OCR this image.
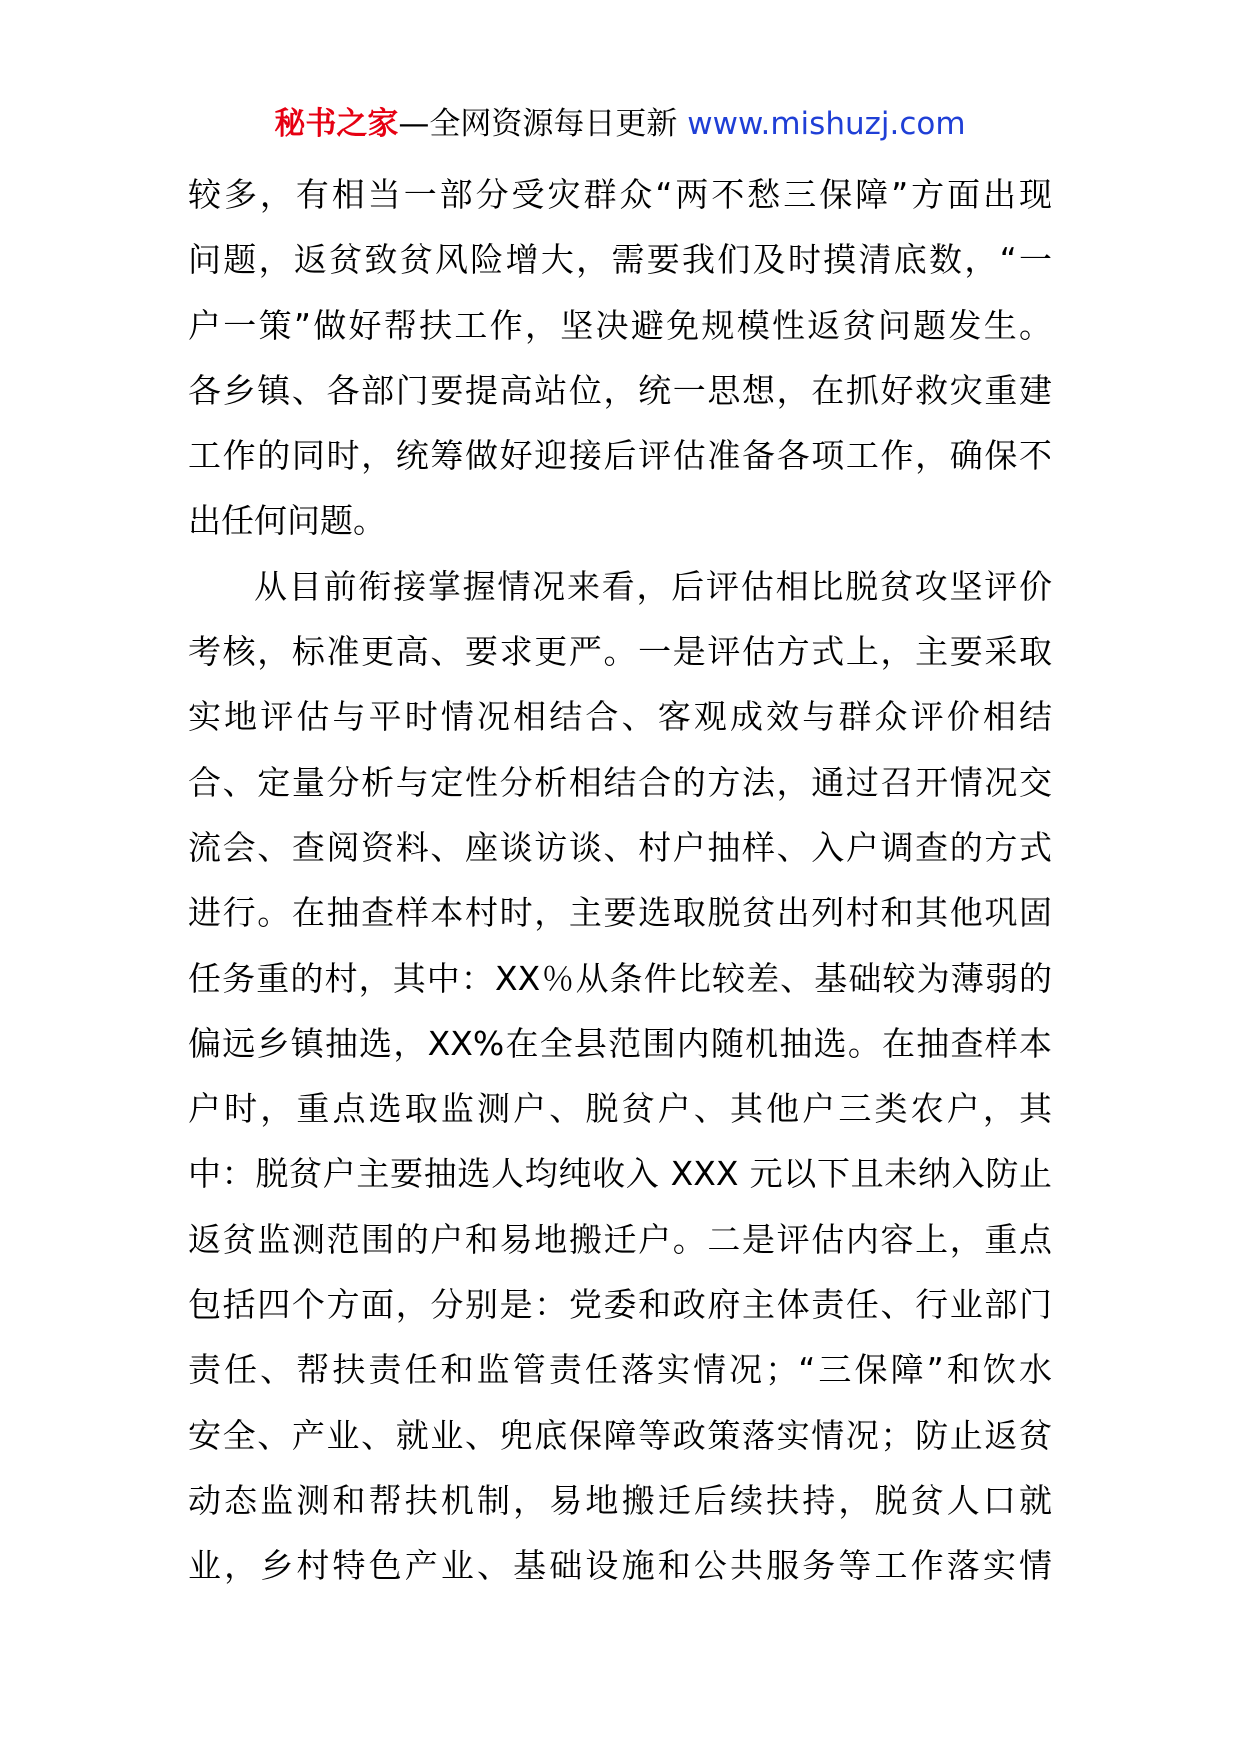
秘书之家—全网资源每日更新 www.mishuzj.com
较多，有相当一部分受灾群众“两不愁三保障”方面出现
问题，返贫致贫风险增大，需要我们及时摸清底数，“一
户一策”做好帮扶工作，坚决避免规模性返贫问题发生。
各乡镇、各部门要提高站位，统一思想，在抓好救灾重建
工作的同时，统筹做好迎接后评估准备各项工作，确保不
出任何问题。
从目前衔接掌握情况来看，后评估相比脱贫攻坚评价
考核，标准更高、要求更严。一是评估方式上，主要采取
实地评估与平时情况相结合、客观成效与群众评价相结
合、定量分析与定性分析相结合的方法，通过召开情况交
流会、查阅资料、座谈访谈、村户抽样、入户调查的方式
进行。在抽查样本村时，主要选取脱贫出列村和其他巩固
任务重的村，其中：XX％从条件比较差、基础较为薄弱的
偏远乡镇抽选，XX%在全县范围内随机抽选。在抽查样本
户时，重点选取监测户、脱贫户、其他户三类农户，其
中：脱贫户主要抽选人均纯收入 XXX 元以下且未纳入防止
返贫监测范围的户和易地搬迁户。二是评估内容上，重点
包括四个方面，分别是：党委和政府主体责任、行业部门
责任、帮扶责任和监管责任落实情况；“三保障”和饮水
安全、产业、就业、兜底保障等政策落实情况；防止返贫
动态监测和帮扶机制，易地搬迁后续扶持，脱贫人口就
业，乡村特色产业、基础设施和公共服务等工作落实情
